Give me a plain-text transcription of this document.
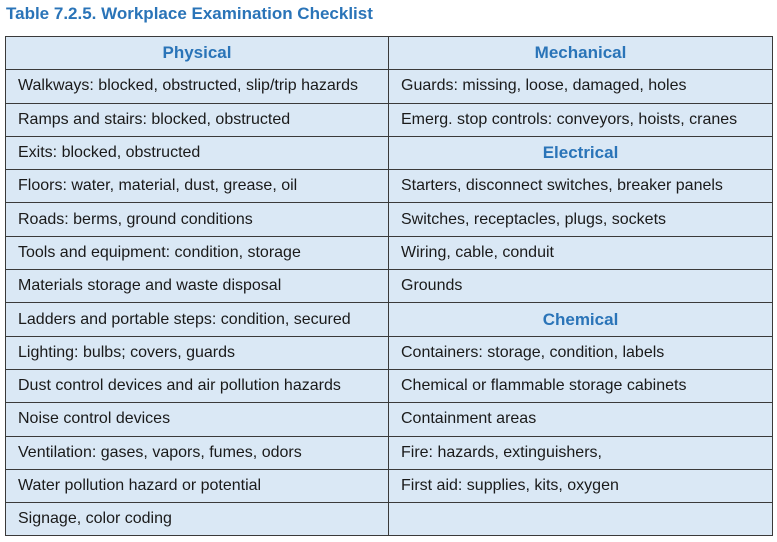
Table 7.2.5. Workplace Examination Checklist
Physical	Mechanical
Walkways: blocked, obstructed, slip/trip hazards	Guards: missing, loose, damaged, holes
Ramps and stairs: blocked, obstructed	Emerg. stop controls: conveyors, hoists, cranes
Exits: blocked, obstructed	Electrical
Floors: water, material, dust, grease, oil	Starters, disconnect switches, breaker panels
Roads: berms, ground conditions	Switches, receptacles, plugs, sockets
Tools and equipment: condition, storage	Wiring, cable, conduit
Materials storage and waste disposal	Grounds
Ladders and portable steps: condition, secured	Chemical
Lighting: bulbs; covers, guards	Containers: storage, condition, labels
Dust control devices and air pollution hazards	Chemical or flammable storage cabinets
Noise control devices	Containment areas
Ventilation: gases, vapors, fumes, odors	Fire: hazards, extinguishers,
Water pollution hazard or potential	First aid: supplies, kits, oxygen
Signage, color coding	
